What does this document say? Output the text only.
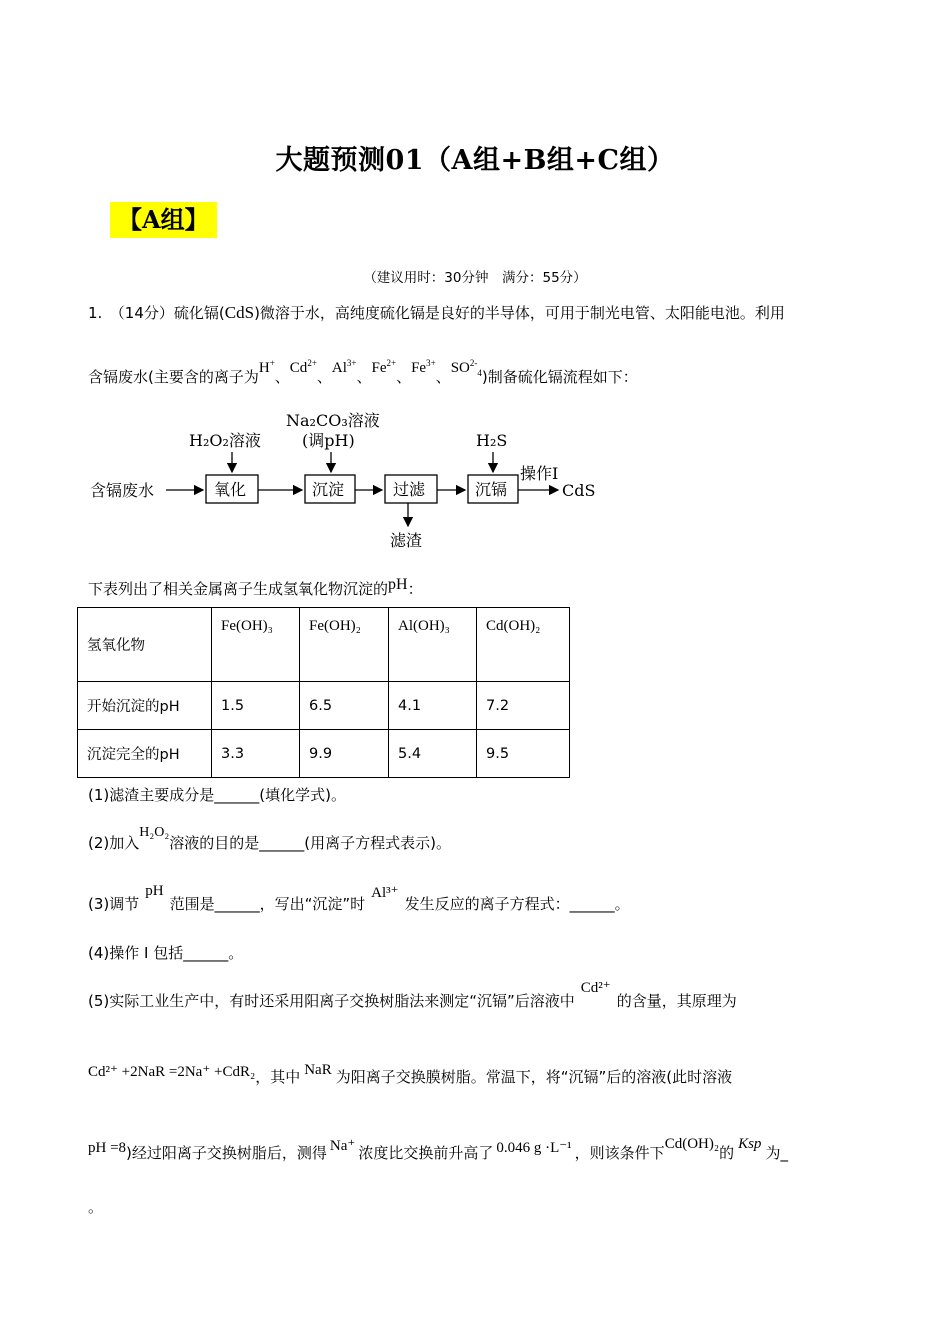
大题预测01（A组+B组+C组）
【A组】
（建议用时：30分钟　满分：55分）
1.　（14分）硫化镉(CdS)微溶于水，高纯度硫化镉是良好的半导体，可用于制光电管、太阳能电池。利用
含镉废水(主要含的离子为H+、$Cd^{2+}$、$Al^{3+}$、$Fe^{2+}$、$Fe^{3+}$、$SO^{2-}_4$)制备硫化镉流程如下：
含镉废水	氧化
H₂O₂溶液
沉淀
Na₂CO₃溶液
(调pH)
过滤
滤渣
沉镉
H₂S
操作I
CdS
下表列出了相关金属离子生成氢氧化物沉淀的pH：
氢氧化物	Fe(OH)₃	Fe(OH)₂	Al(OH)₃	Cd(OH)₂
开始沉淀的pH	1.5	6.5	4.1	7.2
沉淀完全的pH	3.3	9.9	5.4	9.5
(1)滤渣主要成分是______(填化学式)。
(2)加入H₂O₂溶液的目的是______(用离子方程式表示)。
(3)调节pH范围是______，写出“沉淀”时Al³⁺发生反应的离子方程式：______。
(4)操作 I 包括______。
(5)实际工业生产中，有时还采用阳离子交换树脂法来测定“沉镉”后溶液中Cd²⁺的含量，其原理为
Cd²⁺ +2NaR =2Na⁺ +CdR₂，其中 NaR 为阳离子交换膜树脂。常温下，将“沉镉”后的溶液(此时溶液
pH =8)经过阳离子交换树脂后，测得 Na⁺ 浓度比交换前升高了 0.046 g ·L⁻¹ ，则该条件下Cd(OH)₂的 Ksp 为_
。
